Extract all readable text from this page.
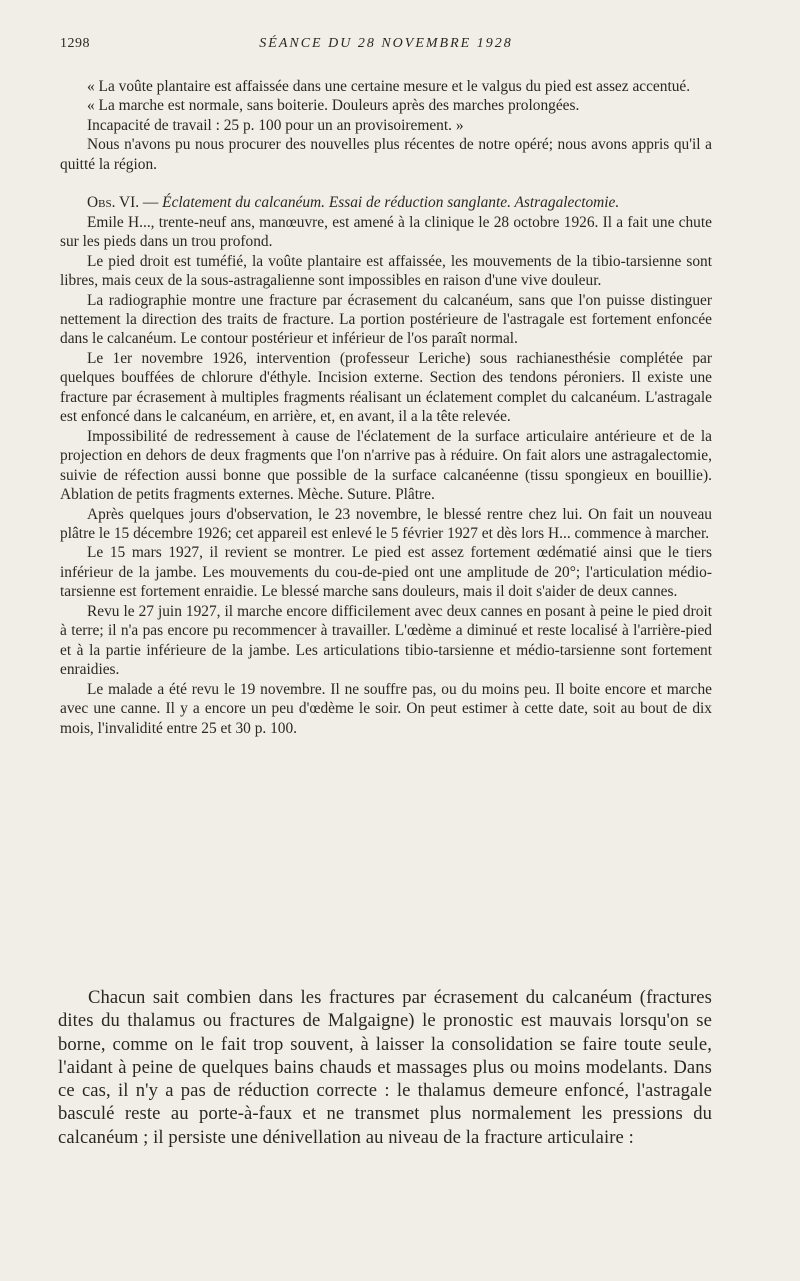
1298	SÉANCE DU 28 NOVEMBRE 1928

« La voûte plantaire est affaissée dans une certaine mesure et le valgus du pied est assez accentué.

« La marche est normale, sans boiterie. Douleurs après des marches prolongées.

Incapacité de travail : 25 p. 100 pour un an provisoirement. »

Nous n'avons pu nous procurer des nouvelles plus récentes de notre opéré; nous avons appris qu'il a quitté la région.

Obs. VI. — Éclatement du calcanéum. Essai de réduction sanglante. Astragalectomie.

Emile H..., trente-neuf ans, manœuvre, est amené à la clinique le 28 octobre 1926. Il a fait une chute sur les pieds dans un trou profond.

Le pied droit est tuméfié, la voûte plantaire est affaissée, les mouvements de la tibio-tarsienne sont libres, mais ceux de la sous-astragalienne sont impossibles en raison d'une vive douleur.

La radiographie montre une fracture par écrasement du calcanéum, sans que l'on puisse distinguer nettement la direction des traits de fracture. La portion postérieure de l'astragale est fortement enfoncée dans le calcanéum. Le contour postérieur et inférieur de l'os paraît normal.

Le 1er novembre 1926, intervention (professeur Leriche) sous rachianesthésie complétée par quelques bouffées de chlorure d'éthyle. Incision externe. Section des tendons péroniers. Il existe une fracture par écrasement à multiples fragments réalisant un éclatement complet du calcanéum. L'astragale est enfoncé dans le calcanéum, en arrière, et, en avant, il a la tête relevée.

Impossibilité de redressement à cause de l'éclatement de la surface articulaire antérieure et de la projection en dehors de deux fragments que l'on n'arrive pas à réduire. On fait alors une astragalectomie, suivie de réfection aussi bonne que possible de la surface calcanéenne (tissu spongieux en bouillie). Ablation de petits fragments externes. Mèche. Suture. Plâtre.

Après quelques jours d'observation, le 23 novembre, le blessé rentre chez lui. On fait un nouveau plâtre le 15 décembre 1926; cet appareil est enlevé le 5 février 1927 et dès lors H... commence à marcher.

Le 15 mars 1927, il revient se montrer. Le pied est assez fortement œdématié ainsi que le tiers inférieur de la jambe. Les mouvements du cou-de-pied ont une amplitude de 20°; l'articulation médio-tarsienne est fortement enraidie. Le blessé marche sans douleurs, mais il doit s'aider de deux cannes.

Revu le 27 juin 1927, il marche encore difficilement avec deux cannes en posant à peine le pied droit à terre; il n'a pas encore pu recommencer à travailler. L'œdème a diminué et reste localisé à l'arrière-pied et à la partie inférieure de la jambe. Les articulations tibio-tarsienne et médio-tarsienne sont fortement enraidies.

Le malade a été revu le 19 novembre. Il ne souffre pas, ou du moins peu. Il boite encore et marche avec une canne. Il y a encore un peu d'œdème le soir. On peut estimer à cette date, soit au bout de dix mois, l'invalidité entre 25 et 30 p. 100.

Chacun sait combien dans les fractures par écrasement du calcanéum (fractures dites du thalamus ou fractures de Malgaigne) le pronostic est mauvais lorsqu'on se borne, comme on le fait trop souvent, à laisser la consolidation se faire toute seule, l'aidant à peine de quelques bains chauds et massages plus ou moins modelants. Dans ce cas, il n'y a pas de réduction correcte : le thalamus demeure enfoncé, l'astragale basculé reste au porte-à-faux et ne transmet plus normalement les pressions du calcanéum ; il persiste une dénivellation au niveau de la fracture articulaire :
